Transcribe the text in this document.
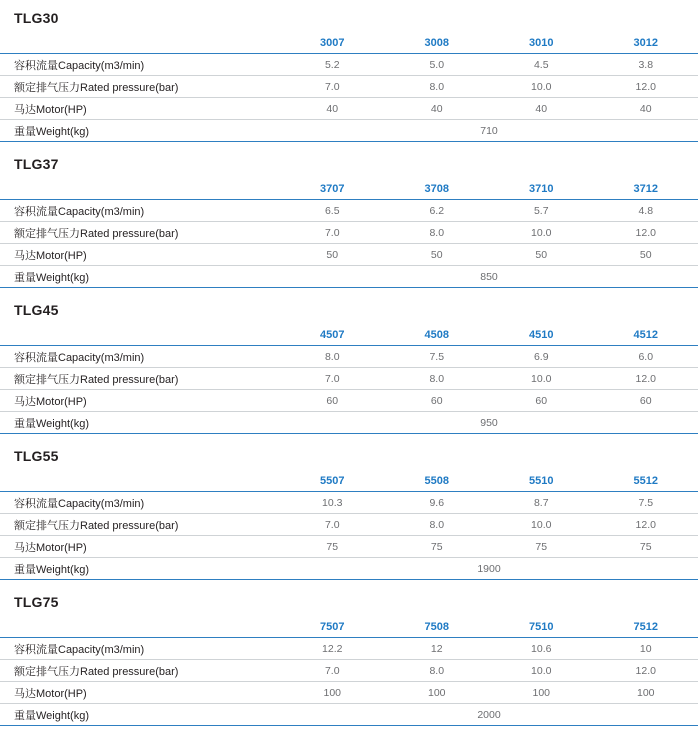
TLG30
	3007	3008	3010	3012
容积流量Capacity(m3/min)	5.2	5.0	4.5	3.8
额定排气压力Rated pressure(bar)	7.0	8.0	10.0	12.0
马达Motor(HP)	40	40	40	40
重量Weight(kg)	710			
TLG37
	3707	3708	3710	3712
容积流量Capacity(m3/min)	6.5	6.2	5.7	4.8
额定排气压力Rated pressure(bar)	7.0	8.0	10.0	12.0
马达Motor(HP)	50	50	50	50
重量Weight(kg)	850			
TLG45
	4507	4508	4510	4512
容积流量Capacity(m3/min)	8.0	7.5	6.9	6.0
额定排气压力Rated pressure(bar)	7.0	8.0	10.0	12.0
马达Motor(HP)	60	60	60	60
重量Weight(kg)	950			
TLG55
	5507	5508	5510	5512
容积流量Capacity(m3/min)	10.3	9.6	8.7	7.5
额定排气压力Rated pressure(bar)	7.0	8.0	10.0	12.0
马达Motor(HP)	75	75	75	75
重量Weight(kg)	1900			
TLG75
	7507	7508	7510	7512
容积流量Capacity(m3/min)	12.2	12	10.6	10
额定排气压力Rated pressure(bar)	7.0	8.0	10.0	12.0
马达Motor(HP)	100	100	100	100
重量Weight(kg)	2000			
